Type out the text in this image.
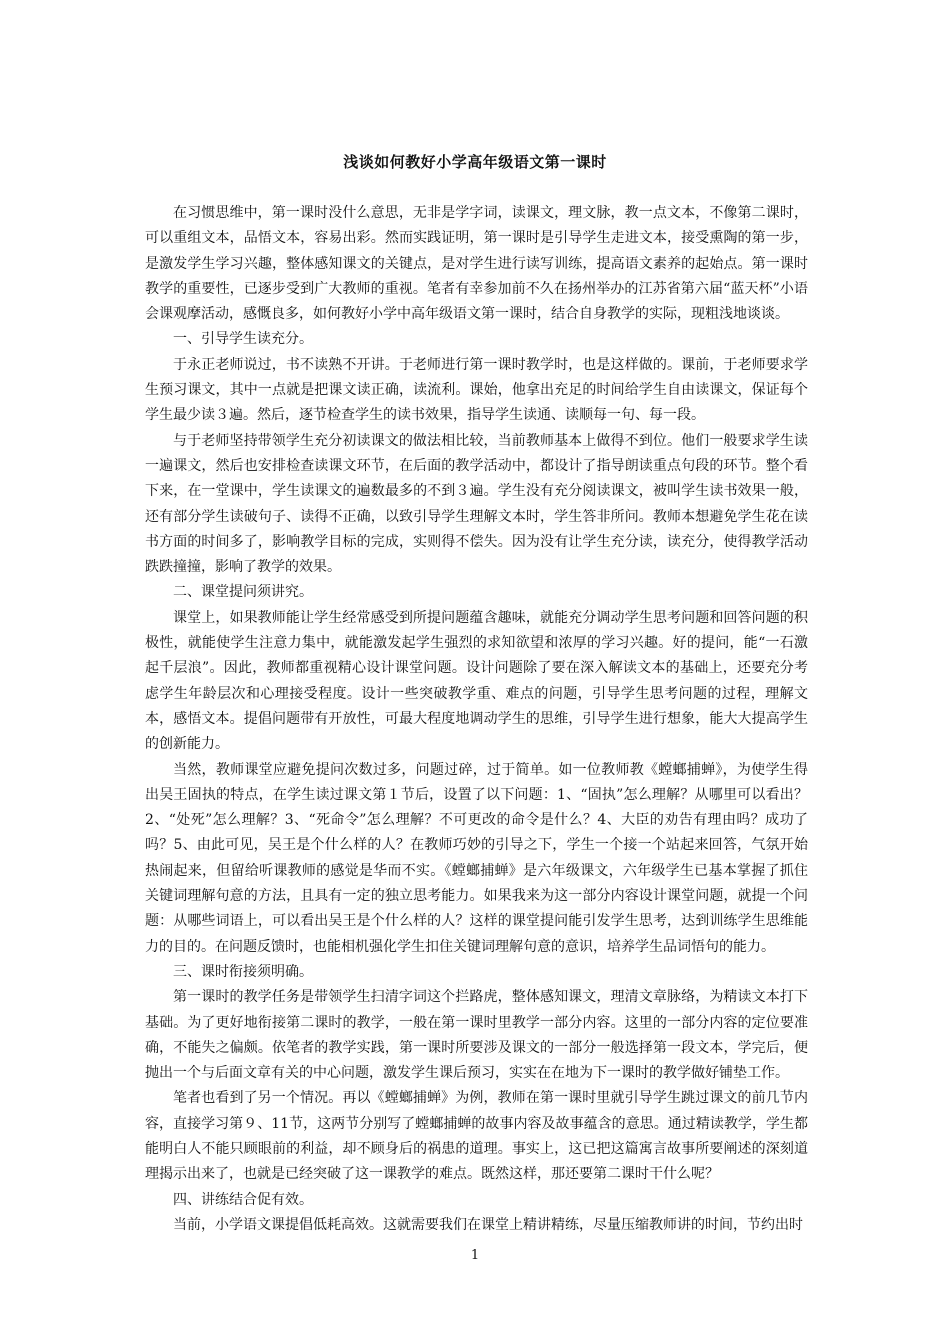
浅谈如何教好小学高年级语文第一课时

在习惯思维中，第一课时没什么意思，无非是学字词，读课文，理文脉，教一点文本，不像第二课时，可以重组文本，品悟文本，容易出彩。然而实践证明，第一课时是引导学生走进文本，接受熏陶的第一步，是激发学生学习兴趣，整体感知课文的关键点，是对学生进行读写训练，提高语文素养的起始点。第一课时教学的重要性，已逐步受到广大教师的重视。笔者有幸参加前不久在扬州举办的江苏省第六届“蓝天杯”小语会课观摩活动，感慨良多，如何教好小学中高年级语文第一课时，结合自身教学的实际，现粗浅地谈谈。

一、引导学生读充分。

于永正老师说过，书不读熟不开讲。于老师进行第一课时教学时，也是这样做的。课前，于老师要求学生预习课文，其中一点就是把课文读正确，读流利。课始，他拿出充足的时间给学生自由读课文，保证每个学生最少读３遍。然后，逐节检查学生的读书效果，指导学生读通、读顺每一句、每一段。

与于老师坚持带领学生充分初读课文的做法相比较，当前教师基本上做得不到位。他们一般要求学生读一遍课文，然后也安排检查读课文环节，在后面的教学活动中，都设计了指导朗读重点句段的环节。整个看下来，在一堂课中，学生读课文的遍数最多的不到３遍。学生没有充分阅读课文，被叫学生读书效果一般，还有部分学生读破句子、读得不正确，以致引导学生理解文本时，学生答非所问。教师本想避免学生花在读书方面的时间多了，影响教学目标的完成，实则得不偿失。因为没有让学生充分读，读充分，使得教学活动跌跌撞撞，影响了教学的效果。

二、课堂提问须讲究。

课堂上，如果教师能让学生经常感受到所提问题蕴含趣味，就能充分调动学生思考问题和回答问题的积极性，就能使学生注意力集中，就能激发起学生强烈的求知欲望和浓厚的学习兴趣。好的提问，能“一石激起千层浪”。因此，教师都重视精心设计课堂问题。设计问题除了要在深入解读文本的基础上，还要充分考虑学生年龄层次和心理接受程度。设计一些突破教学重、难点的问题，引导学生思考问题的过程，理解文本，感悟文本。提倡问题带有开放性，可最大程度地调动学生的思维，引导学生进行想象，能大大提高学生的创新能力。

当然，教师课堂应避免提问次数过多，问题过碎，过于简单。如一位教师教《螳螂捕蝉》，为使学生得出吴王固执的特点，在学生读过课文第１节后，设置了以下问题：1、“固执”怎么理解？从哪里可以看出？2、“处死”怎么理解？3、“死命令”怎么理解？不可更改的命令是什么？4、大臣的劝告有理由吗？成功了吗？5、由此可见，吴王是个什么样的人？在教师巧妙的引导之下，学生一个接一个站起来回答，气氛开始热闹起来，但留给听课教师的感觉是华而不实。《螳螂捕蝉》是六年级课文，六年级学生已基本掌握了抓住关键词理解句意的方法，且具有一定的独立思考能力。如果我来为这一部分内容设计课堂问题，就提一个问题：从哪些词语上，可以看出吴王是个什么样的人？这样的课堂提问能引发学生思考，达到训练学生思维能力的目的。在问题反馈时，也能相机强化学生扣住关键词理解句意的意识，培养学生品词悟句的能力。

三、课时衔接须明确。

第一课时的教学任务是带领学生扫清字词这个拦路虎，整体感知课文，理清文章脉络，为精读文本打下基础。为了更好地衔接第二课时的教学，一般在第一课时里教学一部分内容。这里的一部分内容的定位要准确，不能失之偏颇。依笔者的教学实践，第一课时所要涉及课文的一部分一般选择第一段文本，学完后，便抛出一个与后面文章有关的中心问题，激发学生课后预习，实实在在地为下一课时的教学做好铺垫工作。

笔者也看到了另一个情况。再以《螳螂捕蝉》为例，教师在第一课时里就引导学生跳过课文的前几节内容，直接学习第９、11节，这两节分别写了螳螂捕蝉的故事内容及故事蕴含的意思。通过精读教学，学生都能明白人不能只顾眼前的利益，却不顾身后的祸患的道理。事实上，这已把这篇寓言故事所要阐述的深刻道理揭示出来了，也就是已经突破了这一课教学的难点。既然这样，那还要第二课时干什么呢？

四、讲练结合促有效。

当前，小学语文课提倡低耗高效。这就需要我们在课堂上精讲精练，尽量压缩教师讲的时间，节约出时

1
